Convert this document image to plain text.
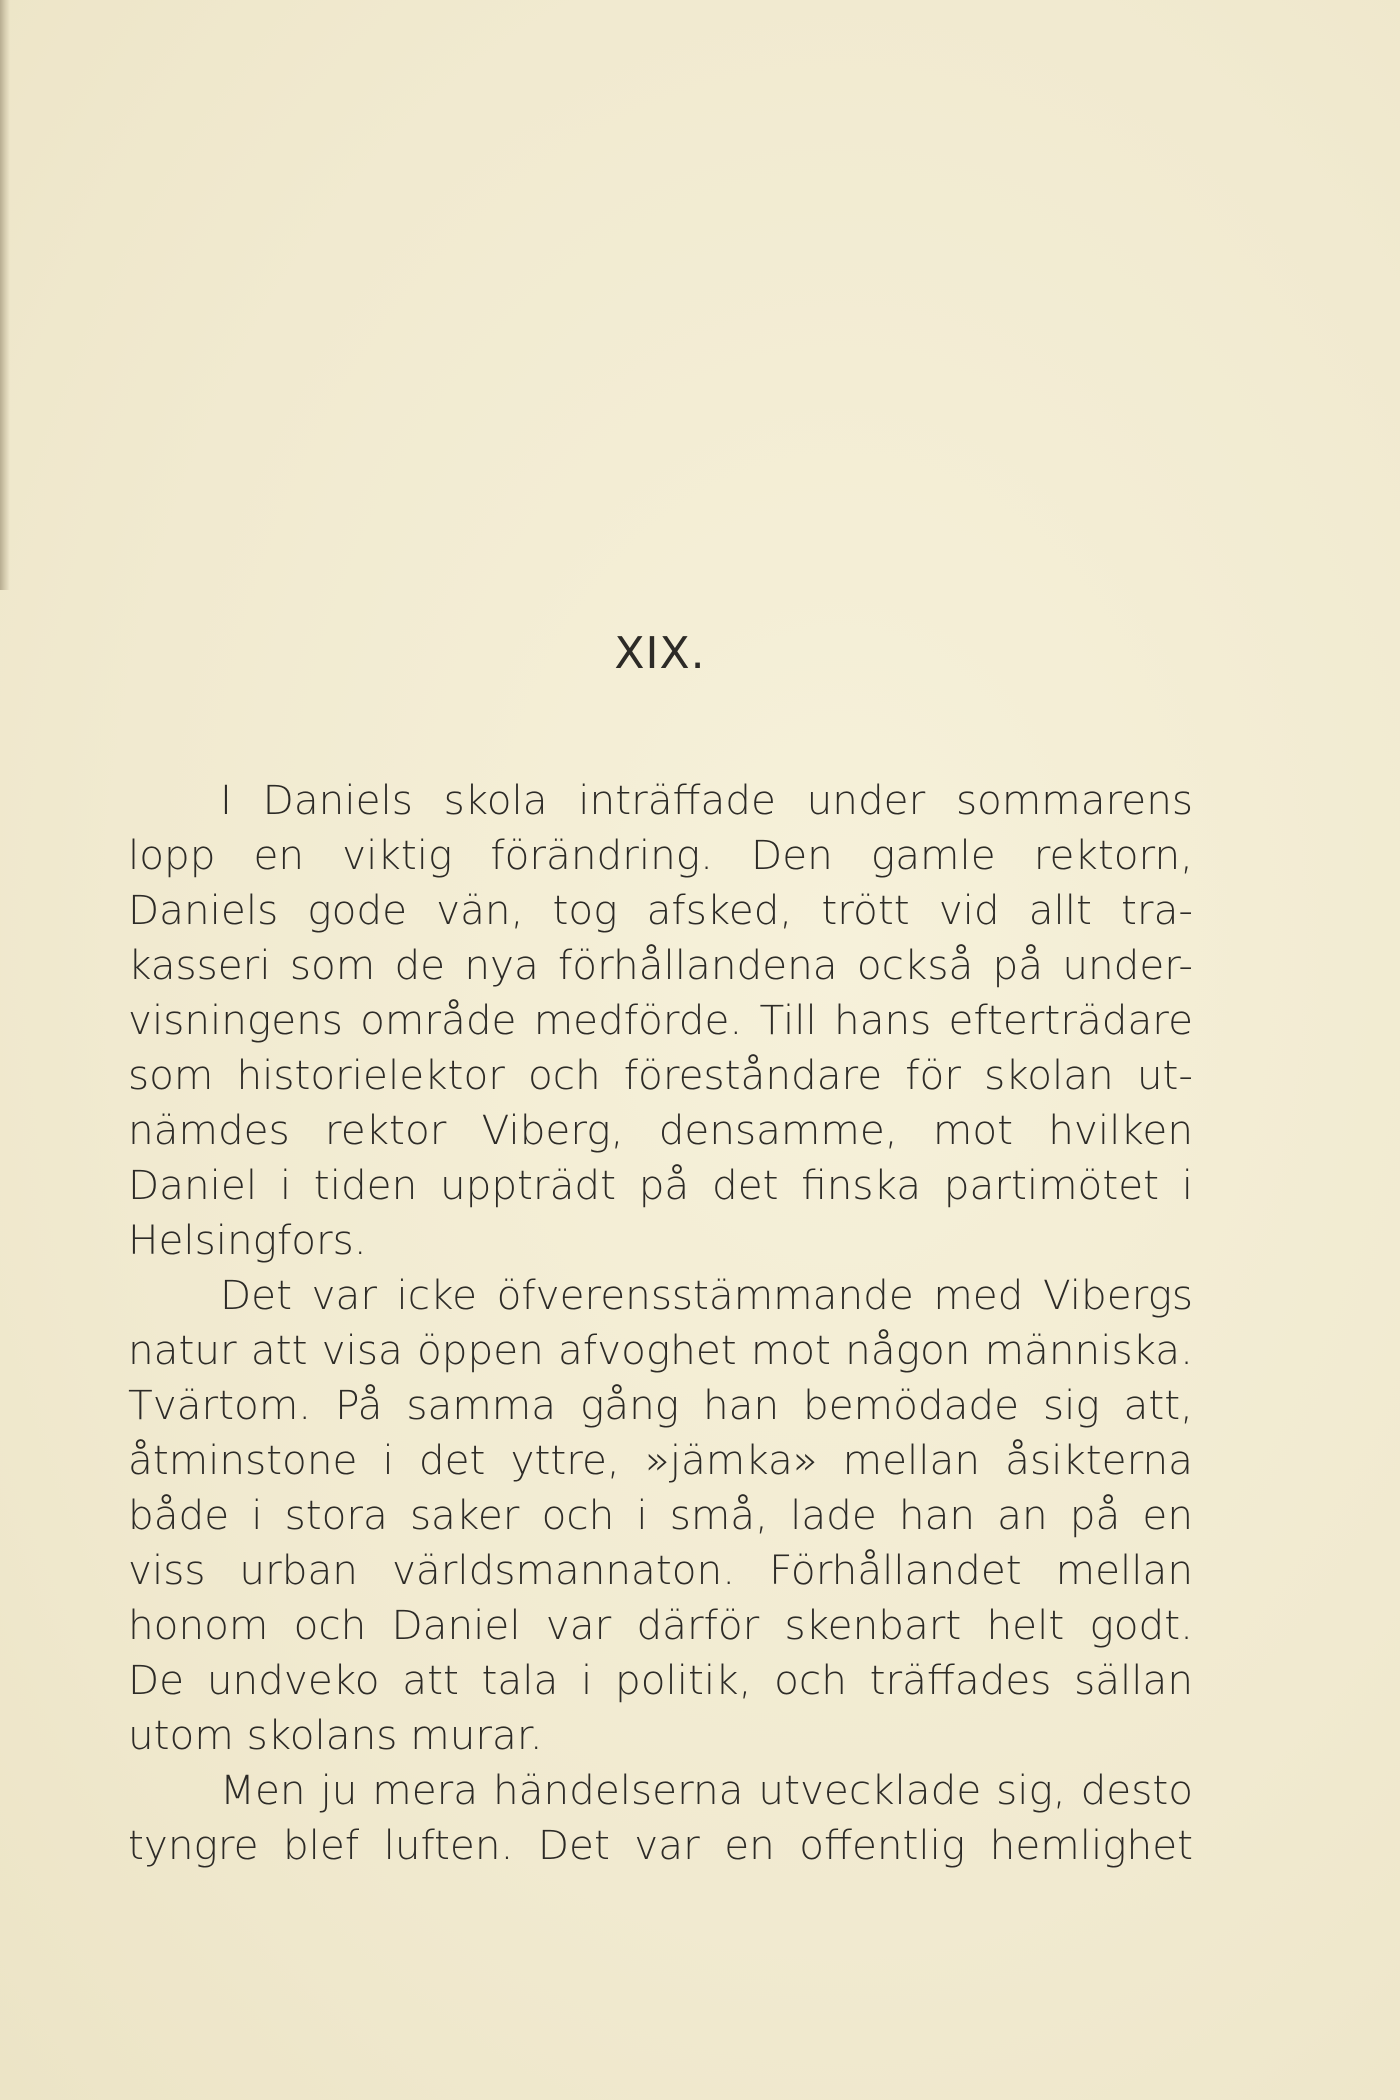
XIX.
I Daniels skola inträffade under sommarens
lopp en viktig förändring. Den gamle rektorn,
Daniels gode vän, tog afsked, trött vid allt tra-
kasseri som de nya förhållandena också på under-
visningens område medförde. Till hans efterträdare
som historielektor och föreståndare för skolan ut-
nämdes rektor Viberg, densamme, mot hvilken
Daniel i tiden uppträdt på det finska partimötet i
Helsingfors.
Det var icke öfverensstämmande med Vibergs
natur att visa öppen afvoghet mot någon människa.
Tvärtom. På samma gång han bemödade sig att,
åtminstone i det yttre, »jämka» mellan åsikterna
både i stora saker och i små, lade han an på en
viss urban världsmannaton. Förhållandet mellan
honom och Daniel var därför skenbart helt godt.
De undveko att tala i politik, och träffades sällan
utom skolans murar.
Men ju mera händelserna utvecklade sig, desto
tyngre blef luften. Det var en offentlig hemlighet
